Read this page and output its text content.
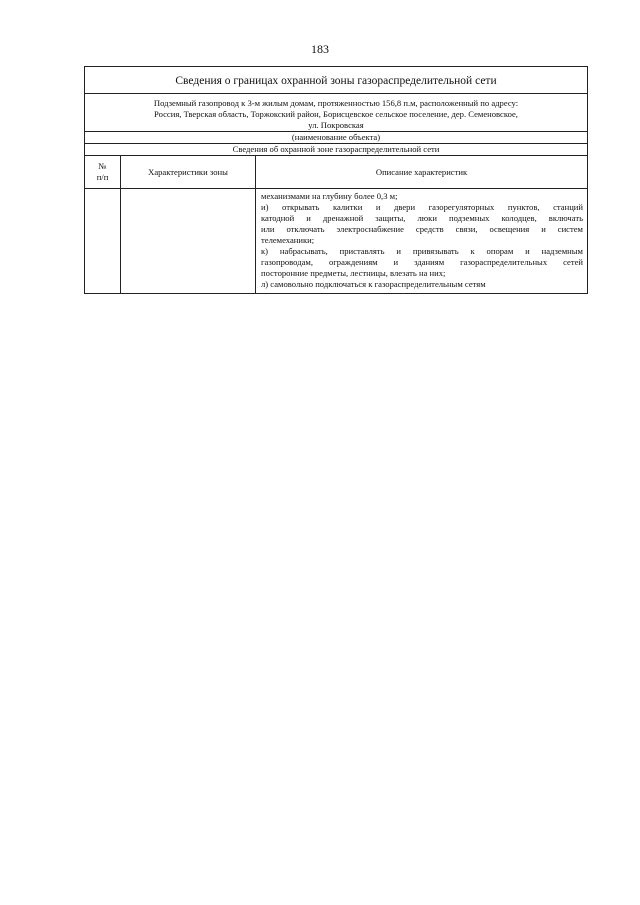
183
Сведения о границах охранной зоны газораспределительной сети
Подземный газопровод к 3-м жилым домам, протяженностью 156,8 п.м, расположенный по адресу:
Россия, Тверская область, Торжокский район, Борисцевское сельское поселение, дер. Семеновское,
ул. Покровская
(наименование объекта)
Сведения об охранной зоне газораспределительной сети
№
п/п
Характеристики зоны	Описание характеристик
механизмами на глубину более 0,3 м;
и) открывать калитки и двери газорегуляторных пунктов, станций
катодной и дренажной защиты, люки подземных колодцев, включать
или отключать электроснабжение средств связи, освещения и систем
телемеханики;
к) набрасывать, приставлять и привязывать к опорам и надземным
газопроводам, ограждениям и зданиям газораспределительных сетей
посторонние предметы, лестницы, влезать на них;
л) самовольно подключаться к газораспределительным сетям
